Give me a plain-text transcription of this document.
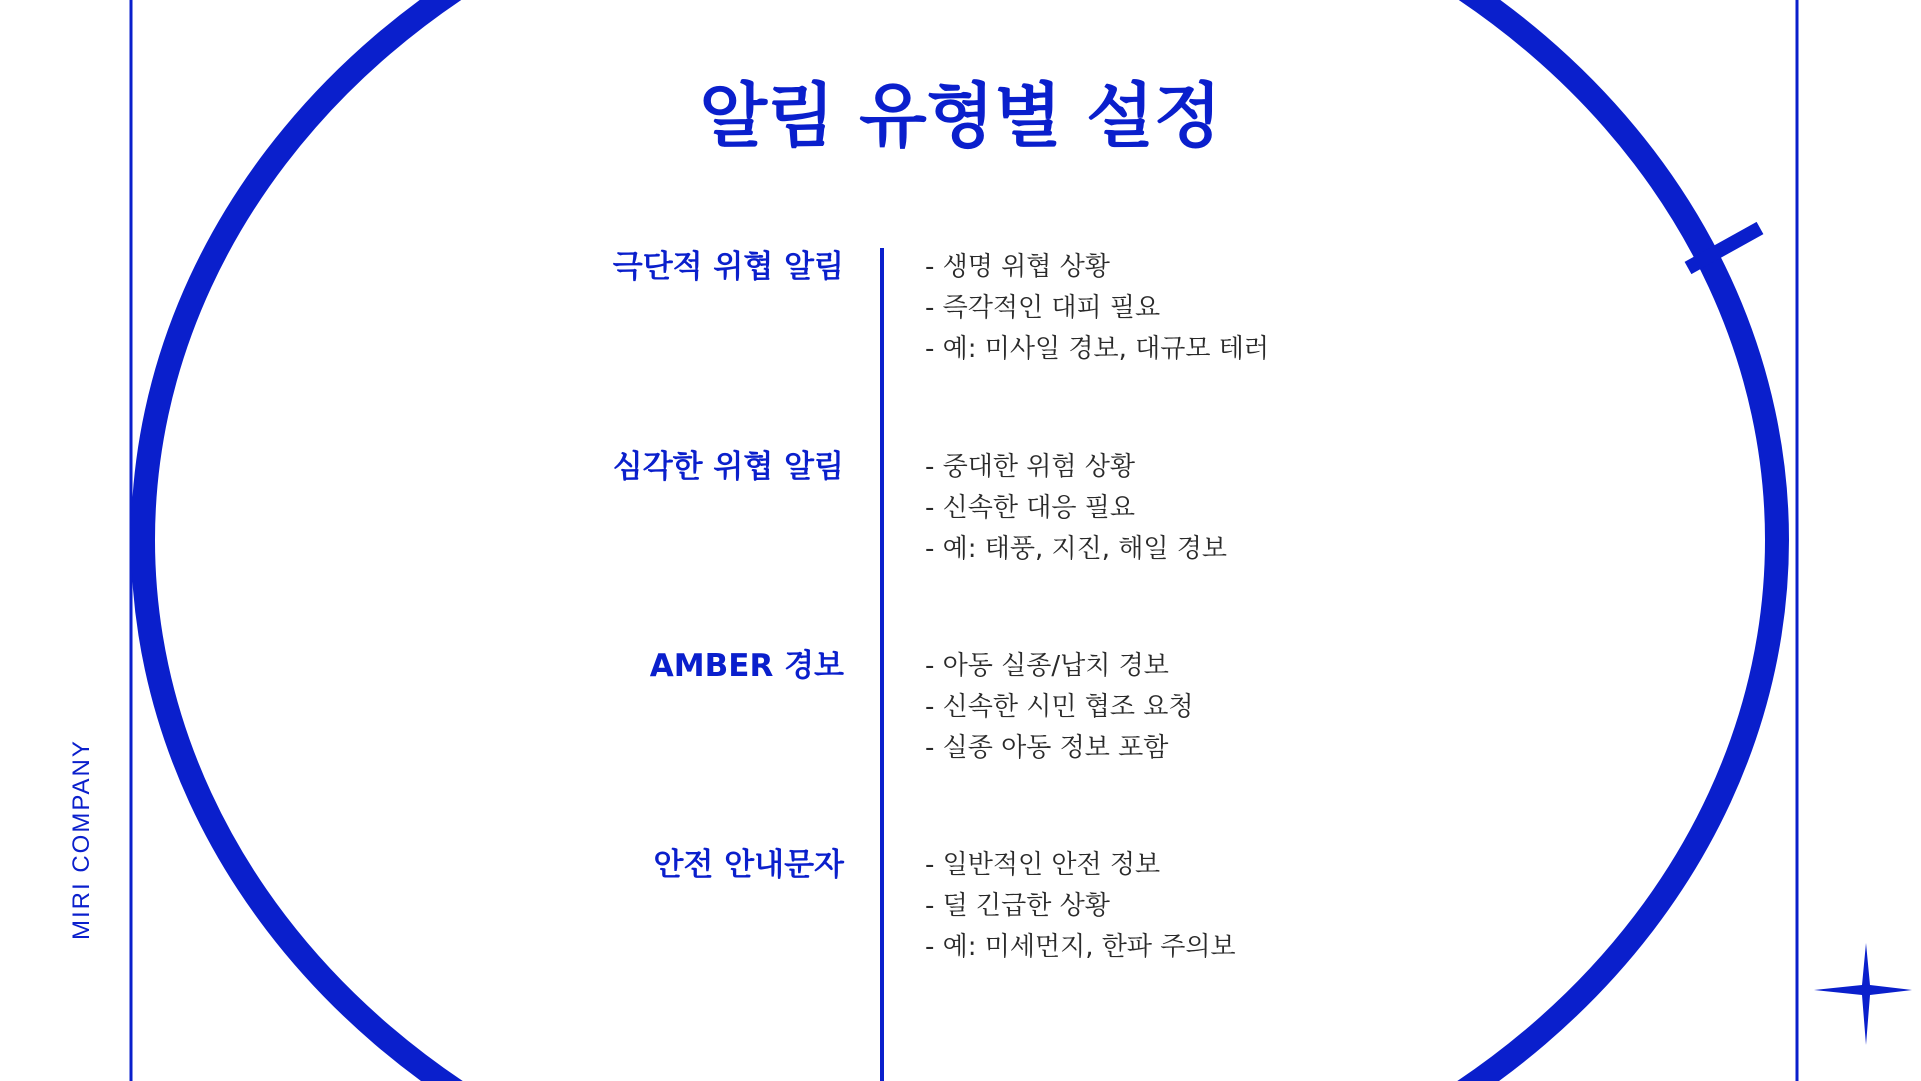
MIRI COMPANY
알림 유형별 설정
극단적 위협 알림	- 생명 위협 상황
- 즉각적인 대피 필요
- 예: 미사일 경보, 대규모 테러
심각한 위협 알림	- 중대한 위험 상황
- 신속한 대응 필요
- 예: 태풍, 지진, 해일 경보
AMBER 경보	- 아동 실종/납치 경보
- 신속한 시민 협조 요청
- 실종 아동 정보 포함
안전 안내문자	- 일반적인 안전 정보
- 덜 긴급한 상황
- 예: 미세먼지, 한파 주의보
